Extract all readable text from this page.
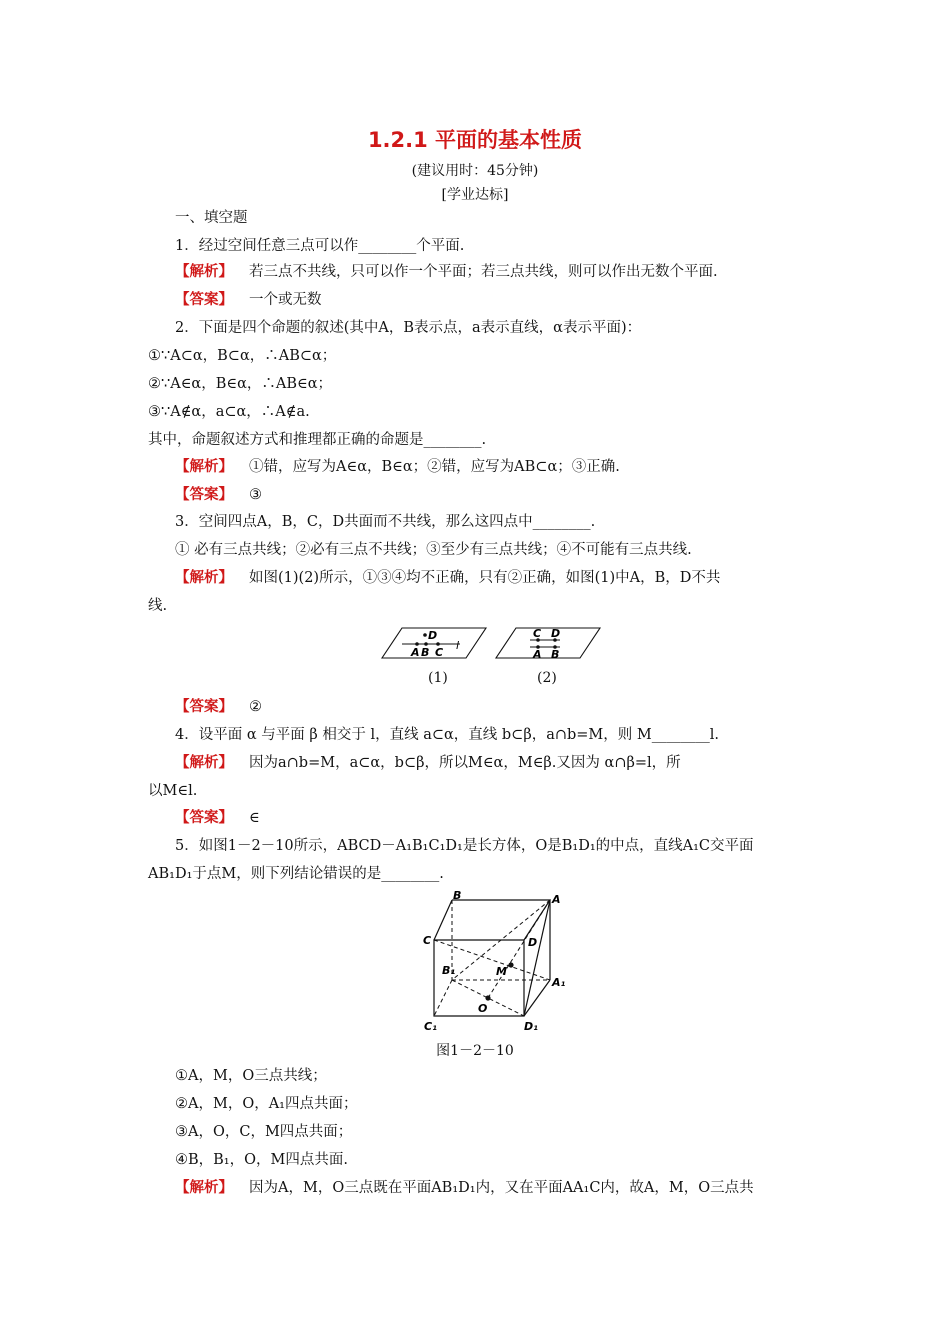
1.2.1 平面的基本性质
(建议用时：45分钟)
[学业达标]
一、填空题
1．经过空间任意三点可以作________个平面.
【 解析 】 若三点不共线，只可以作一个平面；若三点共线，则可以作出无数个平面.
【 答案 】 一个或无数
2．下面是四个命题的叙述(其中A，B表示点，a表示直线，α表示平面)：
①∵A⊂α，B⊂α，∴AB⊂α；
②∵A∈α，B∈α，∴AB∈α；
③∵A∉α，a⊂α，∴A∉a.
其中，命题叙述方式和推理都正确的命题是________.
【 解析 】 ①错，应写为A∈α，B∈α；②错，应写为AB⊂α；③正确.
【 答案 】 ③
3．空间四点A，B，C，D共面而不共线，那么这四点中________.
① 必有三点共线；②必有三点不共线；③至少有三点共线；④不可能有三点共线.
【 解析 】 如图(1)(2)所示，①③④均不正确，只有②正确，如图(1)中A，B，D不共
线.
D
A B C
l
C D
A B
(1)	(2)
【 答案 】 ②
4．设平面 α 与平面 β 相交于 l，直线 a⊂α，直线 b⊂β，a∩b=M，则 M________l.
【 解析 】 因为a∩b=M，a⊂α，b⊂β，所以M∈α，M∈β.又因为 α∩β=l，所
以M∈l.
【 答案 】 ∈
5．如图1－2－10所示，ABCD－A₁B₁C₁D₁是长方体，O是B₁D₁的中点，直线A₁C交平面
AB₁D₁于点M，则下列结论错误的是________.
B	A
C	D
B₁	M
A₁
O
C₁	D₁
图1－2－10
①A，M，O三点共线；
②A，M，O，A₁四点共面；
③A，O，C，M四点共面；
④B，B₁，O，M四点共面.
【 解析 】 因为A，M，O三点既在平面AB₁D₁内，又在平面AA₁C内，故A，M，O三点共
